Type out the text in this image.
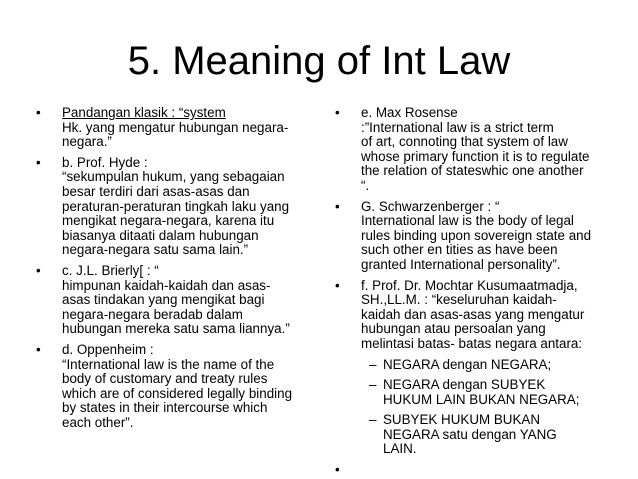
5. Meaning of Int Law
• Pandangan klasik : “system
Hk. yang mengatur hubungan negara-
negara.”
• b. Prof. Hyde :
“sekumpulan hukum, yang sebagaian
besar terdiri dari asas-asas dan
peraturan-peraturan tingkah laku yang
mengikat negara-negara, karena itu
biasanya ditaati dalam hubungan
negara-negara satu sama lain.”
• c. J.L. Brierly[ : “
himpunan kaidah-kaidah dan asas-
asas tindakan yang mengikat bagi
negara-negara beradab dalam
hubungan mereka satu sama liannya.”
• d. Oppenheim :
“International law is the name of the
body of customary and treaty rules
which are of considered legally binding
by states in their intercourse which
each other”.
• e. Max Rosense
:”International law is a strict term
of art, connoting that system of law
whose primary function it is to regulate
the relation of stateswhic one another
“.
• G. Schwarzenberger : “
International law is the body of legal
rules binding upon sovereign state and
such other en tities as have been
granted International personality”.
• f. Prof. Dr. Mochtar Kusumaatmadja,
SH.,LL.M. : “keseluruhan kaidah-
kaidah dan asas-asas yang mengatur
hubungan atau persoalan yang
melintasi batas- batas negara antara:
– NEGARA dengan NEGARA;
– NEGARA dengan SUBYEK
HUKUM LAIN BUKAN NEGARA;
– SUBYEK HUKUM BUKAN
NEGARA satu dengan YANG
LAIN.
•
